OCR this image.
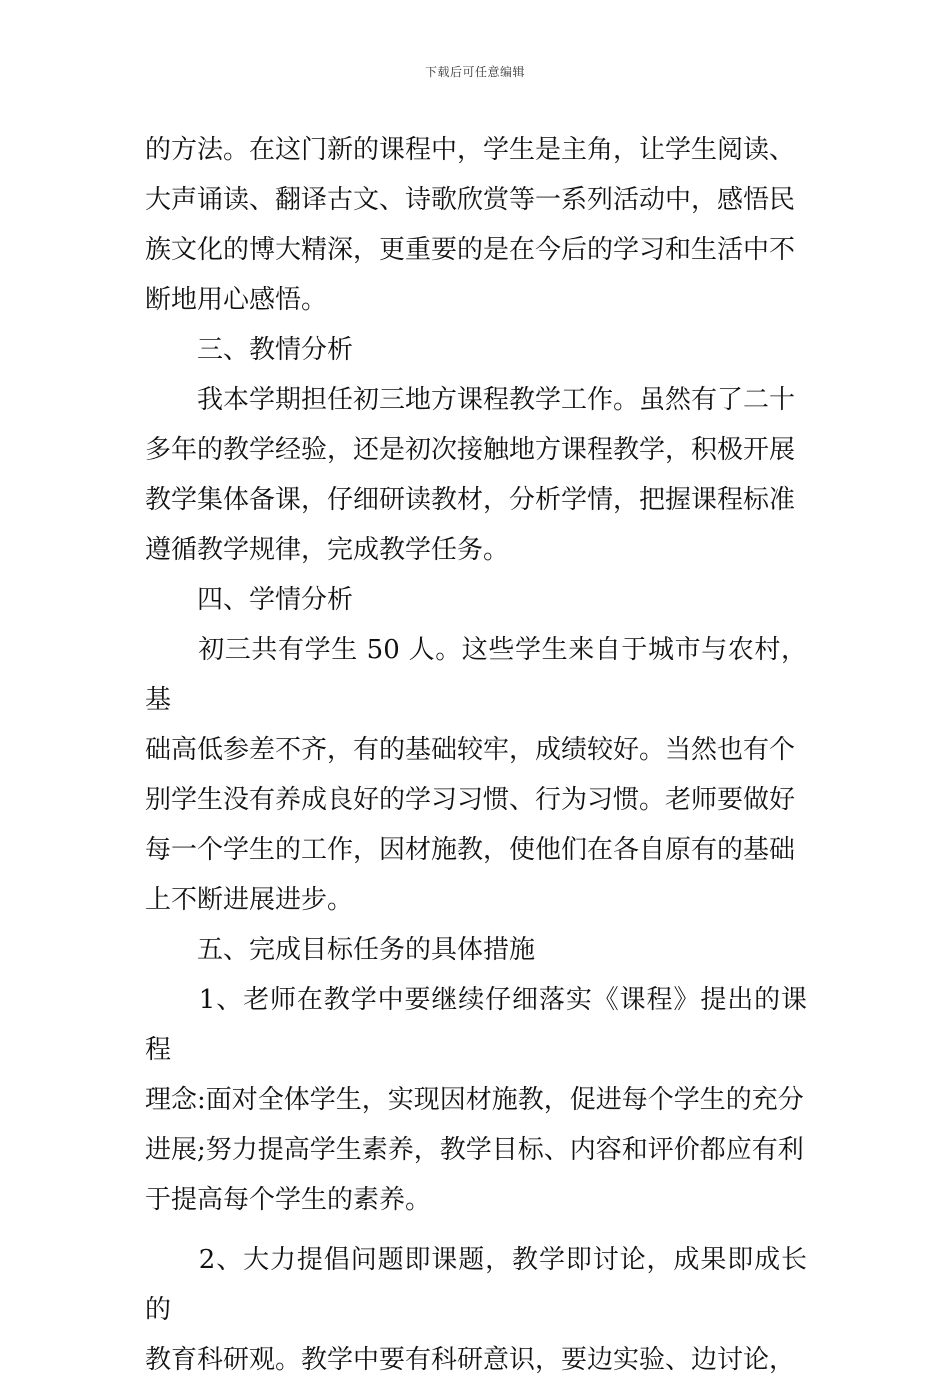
下载后可任意编辑

的方法。在这门新的课程中，学生是主角，让学生阅读、

大声诵读、翻译古文、诗歌欣赏等一系列活动中，感悟民

族文化的博大精深，更重要的是在今后的学习和生活中不

断地用心感悟。

　　三、教情分析

　　我本学期担任初三地方课程教学工作。虽然有了二十

多年的教学经验，还是初次接触地方课程教学，积极开展

教学集体备课，仔细研读教材，分析学情，把握课程标准

遵循教学规律，完成教学任务。

　　四、学情分析

　　初三共有学生 50 人。这些学生来自于城市与农村，基

础高低参差不齐，有的基础较牢，成绩较好。当然也有个

别学生没有养成良好的学习习惯、行为习惯。老师要做好

每一个学生的工作，因材施教，使他们在各自原有的基础

上不断进展进步。

　　五、完成目标任务的具体措施

　　1、老师在教学中要继续仔细落实《课程》提出的课程

理念:面对全体学生，实现因材施教，促进每个学生的充分

进展;努力提高学生素养，教学目标、内容和评价都应有利

于提高每个学生的素养。

　　2、大力提倡问题即课题，教学即讨论，成果即成长的

教育科研观。教学中要有科研意识，要边实验、边讨论，
